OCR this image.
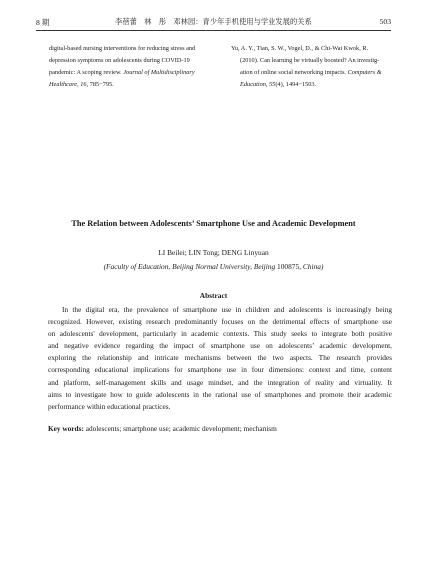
8 期	李蓓蕾　林　彤　邓林园：青少年手机使用与学业发展的关系	503
digital-based nursing interventions for reducing stress and
depression symptoms on adolescents during COVID-19
pandemic: A scoping review. Journal of Multidisciplinary
Healthcare, 16, 785−795.
Yu, A. Y., Tian, S. W., Vogel, D., & Chi-Wai Kwok, R.
(2010). Can learning be virtually boosted? An investig-
ation of online social networking impacts. Computers &
Education, 55(4), 1494−1503.
The Relation between Adolescents’ Smartphone Use and Academic Development
LI Beilei; LIN Tong; DENG Linyuan
(Faculty of Education, Beijing Normal University, Beijing 100875, China)
Abstract
In the digital era, the prevalence of smartphone use in children and adolescents is increasingly being
recognized. However, existing research predominantly focuses on the detrimental effects of smartphone use
on adolescents' development, particularly in academic contexts. This study seeks to integrate both positive
and negative evidence regarding the impact of smartphone use on adolescents’ academic development,
exploring the relationship and intricate mechanisms between the two aspects. The research provides
corresponding educational implications for smartphone use in four dimensions: context and time, content
and platform, self-management skills and usage mindset, and the integration of reality and virtuality. It
aims to investigate how to guide adolescents in the rational use of smartphones and promote their academic
performance within educational practices.
Key words: adolescents; smartphone use; academic development; mechanism
